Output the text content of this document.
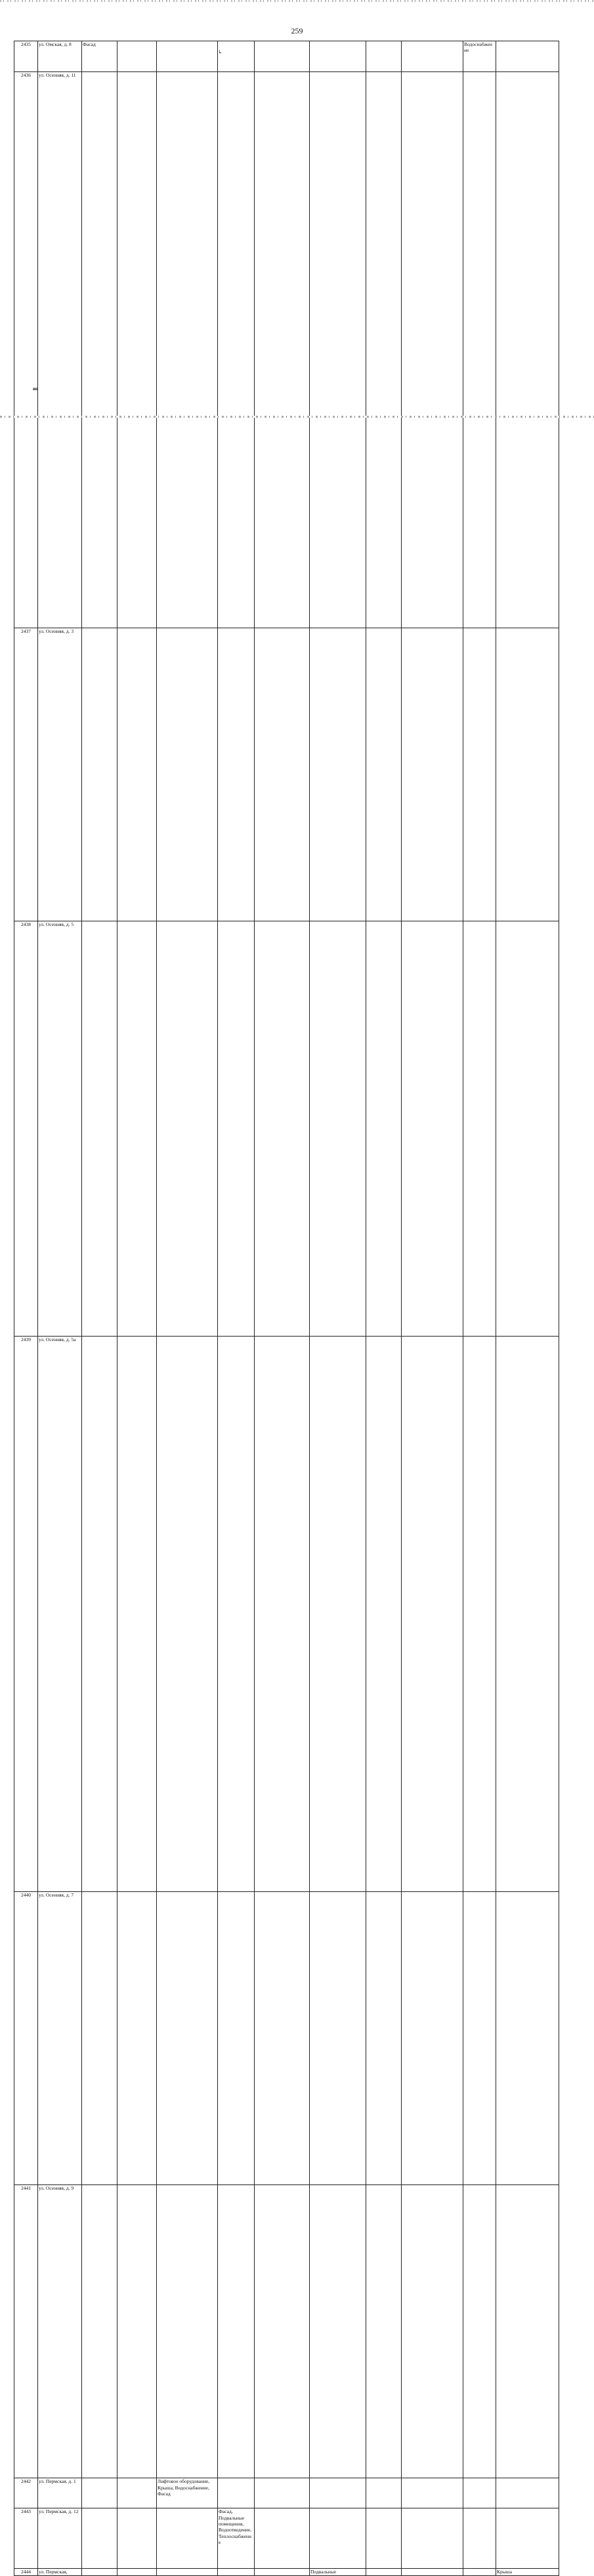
259
↳
2435	ул. Омская, д. 8	Фасад								Водоснабжение		
2436	ул. Осенняя, д. 11											
2437	ул. Осенняя, д. 3											
2438	ул. Осенняя, д. 5											
2439	ул. Осенняя, д. 5а											
2440	ул. Осенняя, д. 7											
2441	ул. Осенняя, д. 9											
2442	ул. Пермская, д. 1			Лифтовое оборудование, Крыша, Водоснабжение, Фасад								
2443	ул. Пермская, д. 12				Фасад, Подвальные помещения, Водоотведение, Теплоснабжение							
2444	ул. Пермская,						Подвальные				Крыша	
ип
